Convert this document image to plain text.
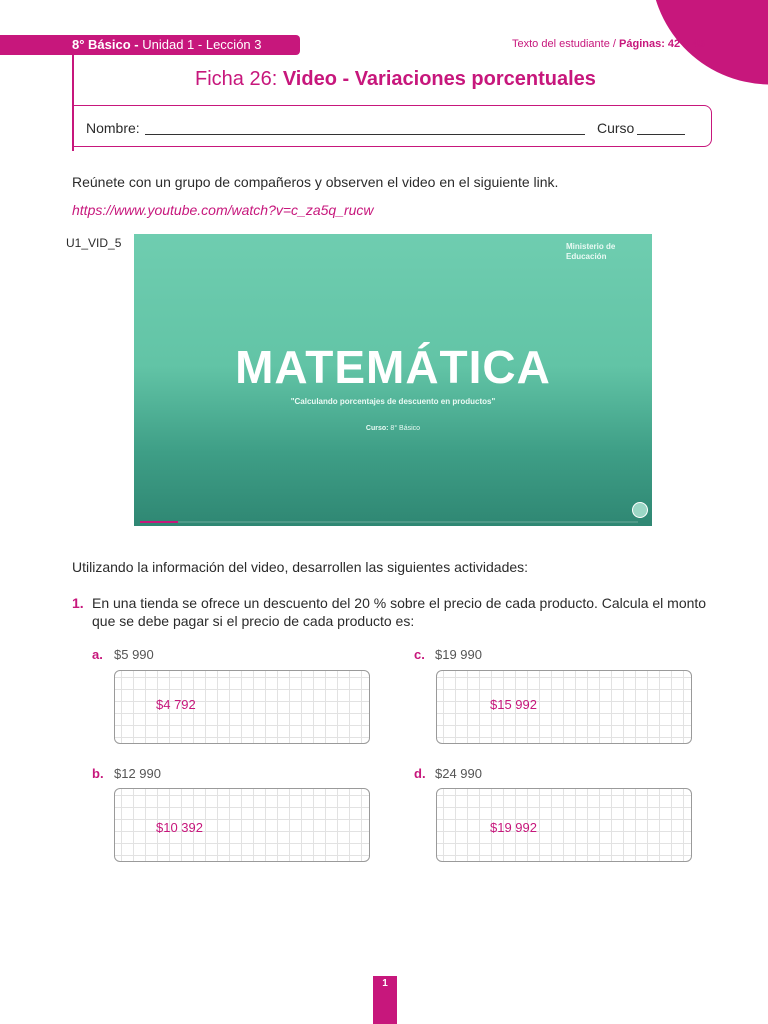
8° Básico - Unidad 1 - Lección 3	Texto del estudiante / Páginas: 42 a 45
Ficha 26: Video - Variaciones porcentuales
Nombre:	Curso
Reúnete con un grupo de compañeros y observen el video en el siguiente link.
https://www.youtube.com/watch?v=c_za5q_rucw
U1_VID_5	Ministerio de Educación
MATEMÁTICA
"Calculando porcentajes de descuento en productos"
Curso: 8° Básico
Utilizando la información del video, desarrollen las siguientes actividades:
1. En una tienda se ofrece un descuento del 20 % sobre el precio de cada producto. Calcula el monto
que se debe pagar si el precio de cada producto es:
a. $5 990
$4 792
c. $19 990
$15 992
b. $12 990
$10 392
d. $24 990
$19 992
1
